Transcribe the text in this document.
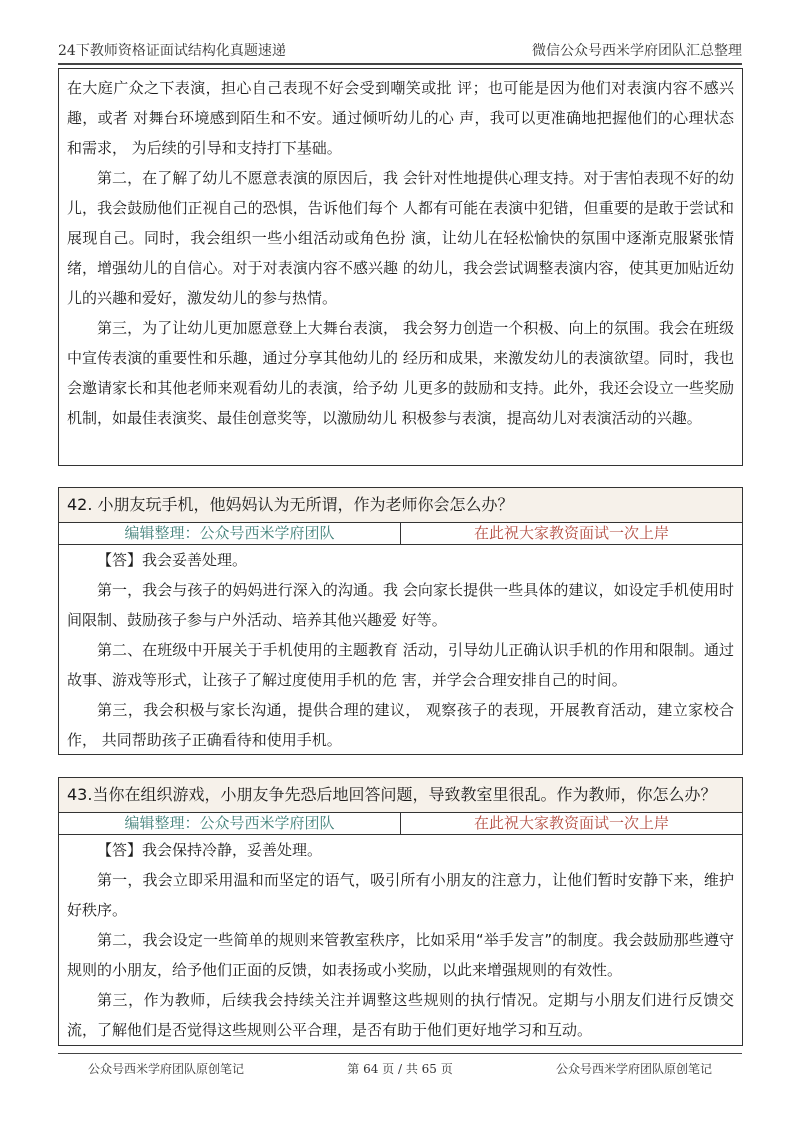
24下教师资格证面试结构化真题速递	微信公众号西米学府团队汇总整理

在大庭广众之下表演，担心自己表现不好会受到嘲笑或批 评；也可能是因为他们对表演内容不感兴趣，或者 对舞台环境感到陌生和不安。通过倾听幼儿的心 声，我可以更准确地把握他们的心理状态和需求， 为后续的引导和支持打下基础。

第二，在了解了幼儿不愿意表演的原因后，我 会针对性地提供心理支持。对于害怕表现不好的幼 儿，我会鼓励他们正视自己的恐惧，告诉他们每个 人都有可能在表演中犯错，但重要的是敢于尝试和 展现自己。同时，我会组织一些小组活动或角色扮 演，让幼儿在轻松愉快的氛围中逐渐克服紧张情 绪，增强幼儿的自信心。对于对表演内容不感兴趣 的幼儿，我会尝试调整表演内容，使其更加贴近幼 儿的兴趣和爱好，激发幼儿的参与热情。

第三，为了让幼儿更加愿意登上大舞台表演， 我会努力创造一个积极、向上的氛围。我会在班级 中宣传表演的重要性和乐趣，通过分享其他幼儿的 经历和成果，来激发幼儿的表演欲望。同时，我也 会邀请家长和其他老师来观看幼儿的表演，给予幼 儿更多的鼓励和支持。此外，我还会设立一些奖励 机制，如最佳表演奖、最佳创意奖等，以激励幼儿 积极参与表演，提高幼儿对表演活动的兴趣。

42. 小朋友玩手机，他妈妈认为无所谓，作为老师你会怎么办？
编辑整理：公众号西米学府团队	在此祝大家教资面试一次上岸

【答】我会妥善处理。

第一，我会与孩子的妈妈进行深入的沟通。我 会向家长提供一些具体的建议，如设定手机使用时 间限制、鼓励孩子参与户外活动、培养其他兴趣爱 好等。

第二、在班级中开展关于手机使用的主题教育 活动，引导幼儿正确认识手机的作用和限制。通过 故事、游戏等形式，让孩子了解过度使用手机的危 害，并学会合理安排自己的时间。

第三，我会积极与家长沟通，提供合理的建议， 观察孩子的表现，开展教育活动，建立家校合作， 共同帮助孩子正确看待和使用手机。

43.当你在组织游戏，小朋友争先恐后地回答问题，导致教室里很乱。作为教师，你怎么办？
编辑整理：公众号西米学府团队	在此祝大家教资面试一次上岸

【答】我会保持冷静，妥善处理。

第一，我会立即采用温和而坚定的语气，吸引所有小朋友的注意力，让他们暂时安静下来，维护好秩序。

第二，我会设定一些简单的规则来管教室秩序，比如采用“举手发言”的制度。我会鼓励那些遵守规则的小朋友，给予他们正面的反馈，如表扬或小奖励，以此来增强规则的有效性。

第三，作为教师，后续我会持续关注并调整这些规则的执行情况。定期与小朋友们进行反馈交流，了解他们是否觉得这些规则公平合理，是否有助于他们更好地学习和互动。

公众号西米学府团队原创笔记	第 64 页 / 共 65 页	公众号西米学府团队原创笔记
